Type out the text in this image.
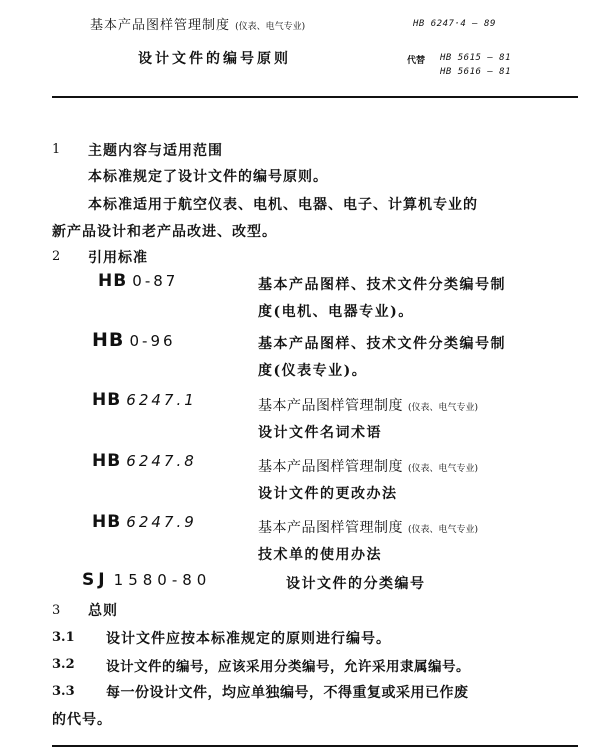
基本产品图样管理制度 (仪表、电气专业)	HB 6247·4 — 89
设计文件的编号原则	代替 HB 5615 — 81
HB 5616 — 81
1 主题内容与适用范围
本标准规定了设计文件的编号原则。
本标准适用于航空仪表、电机、电器、电子、计算机专业的
新产品设计和老产品改进、改型。
2 引用标准
HB 0-87	基本产品图样、技术文件分类编号制
度(电机、电器专业)。
HB 0-96	基本产品图样、技术文件分类编号制
度(仪表专业)。
HB 6247.1	基本产品图样管理制度 (仪表、电气专业)
设计文件名词术语
HB 6247.8	基本产品图样管理制度 (仪表、电气专业)
设计文件的更改办法
HB 6247.9	基本产品图样管理制度 (仪表、电气专业)
技术单的使用办法
SJ 1580-80	设计文件的分类编号
3 总则
3.1 设计文件应按本标准规定的原则进行编号。
3.2 设计文件的编号，应该采用分类编号，允许采用隶属编号。
3.3 每一份设计文件，均应单独编号，不得重复或采用已作废
的代号。
